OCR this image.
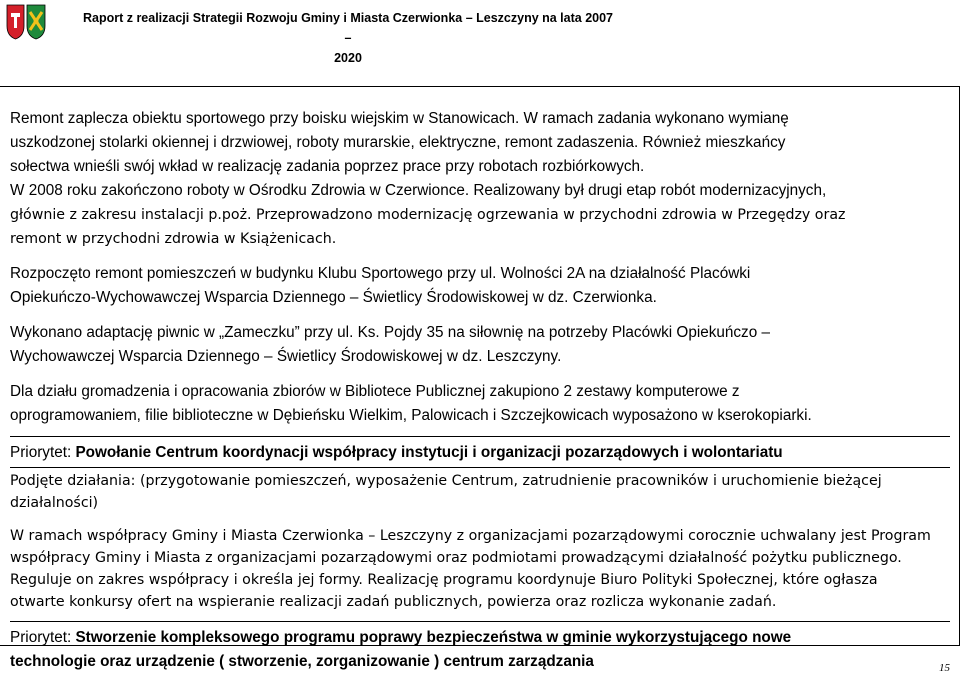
Raport z realizacji Strategii Rozwoju Gminy i Miasta Czerwionka – Leszczyny na lata 2007 –
2020

Remont zaplecza obiektu sportowego przy boisku wiejskim w Stanowicach. W ramach zadania wykonano wymianę
uszkodzonej stolarki okiennej i drzwiowej, roboty murarskie, elektryczne, remont zadaszenia. Również mieszkańcy
sołectwa wnieśli swój wkład w realizację zadania poprzez prace przy robotach rozbiórkowych.
W 2008 roku zakończono roboty w Ośrodku Zdrowia w Czerwionce. Realizowany był drugi etap robót modernizacyjnych,
głównie z zakresu instalacji p.poż. Przeprowadzono modernizację ogrzewania w przychodni zdrowia w Przegędzy oraz
remont w przychodni zdrowia w Książenicach.

Rozpoczęto remont pomieszczeń w budynku Klubu Sportowego przy ul. Wolności 2A na działalność Placówki
Opiekuńczo-Wychowawczej Wsparcia Dziennego – Świetlicy Środowiskowej w dz. Czerwionka.

Wykonano adaptację piwnic w „Zameczku” przy ul. Ks. Pojdy 35 na siłownię na potrzeby Placówki Opiekuńczo –
Wychowawczej Wsparcia Dziennego – Świetlicy Środowiskowej w dz. Leszczyny.

Dla działu gromadzenia i opracowania zbiorów w Bibliotece Publicznej zakupiono 2 zestawy komputerowe z
oprogramowaniem, filie biblioteczne w Dębieńsku Wielkim, Palowicach i Szczejkowicach wyposażono w kserokopiarki.

Priorytet: Powołanie Centrum koordynacji współpracy instytucji i organizacji pozarządowych i wolontariatu

Podjęte działania: (przygotowanie pomieszczeń, wyposażenie Centrum, zatrudnienie pracowników i uruchomienie bieżącej
działalności)

W ramach współpracy Gminy i Miasta Czerwionka – Leszczyny z organizacjami pozarządowymi corocznie uchwalany jest Program
współpracy Gminy i Miasta z organizacjami pozarządowymi oraz podmiotami prowadzącymi działalność pożytku publicznego.
Reguluje on zakres współpracy i określa jej formy. Realizację programu koordynuje Biuro Polityki Społecznej, które ogłasza
otwarte konkursy ofert na wspieranie realizacji zadań publicznych, powierza oraz rozlicza wykonanie zadań.

Priorytet: Stworzenie kompleksowego programu poprawy bezpieczeństwa w gminie wykorzystującego nowe
technologie oraz urządzenie ( stworzenie, zorganizowanie ) centrum zarządzania	15
